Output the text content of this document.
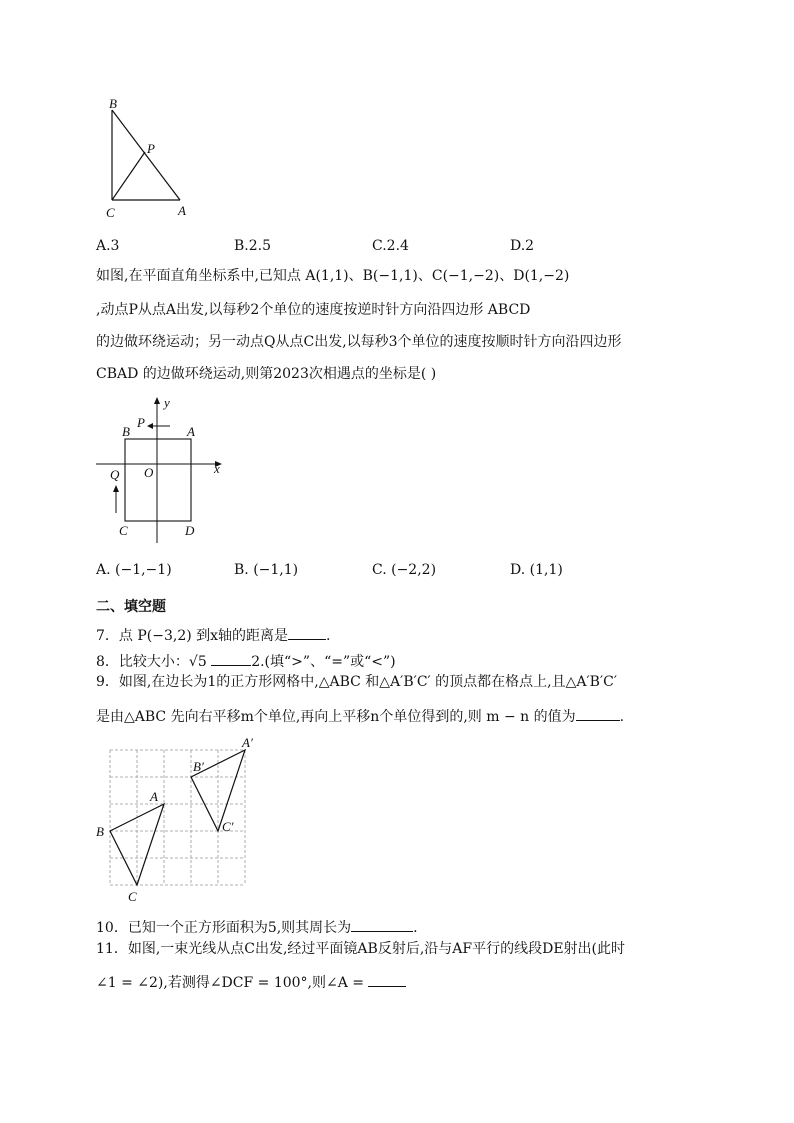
B
P
C	A
A.3	B.2.5	C.2.4	D.2
如图,在平面直角坐标系中,已知点 A(1,1)、B(−1,1)、C(−1,−2)、D(1,−2)
,动点P从点A出发,以每秒2个单位的速度按逆时针方向沿四边形 ABCD
的边做环绕运动；另一动点Q从点C出发,以每秒3个单位的速度按顺时针方向沿四边形
CBAD 的边做环绕运动,则第2023次相遇点的坐标是( )
y
x
O
P
B	A
Q
C	D
A. (−1,−1)	B. (−1,1)	C. (−2,2)	D. (1,1)
二、填空题
7．点 P(−3,2) 到x轴的距离是	.
8．比较大小：√5	2.(填“>”、“=”或“<”)
9．如图,在边长为1的正方形网格中,△ABC 和△A′B′C′ 的顶点都在格点上,且△A′B′C′
是由△ABC 先向右平移m个单位,再向上平移n个单位得到的,则 m − n 的值为	.
A
B
C
A′
B′
C′
10．已知一个正方形面积为5,则其周长为	.
11．如图,一束光线从点C出发,经过平面镜AB反射后,沿与AF平行的线段DE射出(此时
∠1 = ∠2),若测得∠DCF = 100°,则∠A =
